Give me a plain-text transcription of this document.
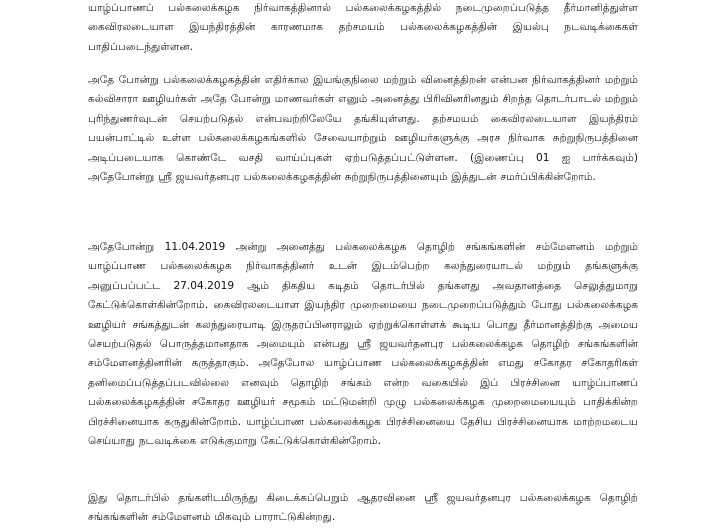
யாழ்ப்பாணப் பல்கலைக்கழக நிர்வாகத்தினால் பல்கலைக்கழகத்தில் நடைமுறைப்படுத்த தீர்மானித்துள்ள கைவிரலடையாள இயந்திரத்தின் காரணமாக தற்சமயம் பல்கலைக்கழகத்தின் இயல்பு நடவடிக்கைகள் பாதிப்படைந்துள்ளன.

அதே போன்று பல்கலைக்கழகத்தின் எதிர்கால இயங்குநிலை மற்றும் வினைத்திறன் என்பன நிர்வாகத்தினர் மற்றும் கல்விசாரா ஊழியர்கள் அதே போன்று மாணவர்கள் எனும் அனைத்து பிரிவினரினதும் சிறந்த தொடர்பாடல் மற்றும் புரிந்துணர்வுடன் செயற்படுதல் என்பவற்றிலேயே தங்கியுள்ளது. தற்சமயம் கைவிரலடையாள இயந்திரம் பயன்பாட்டில் உள்ள பல்கலைக்கழகங்களில் சேவையாற்றும் ஊழியர்களுக்கு அரச நிர்வாக சுற்றுநிருபத்தினை அடிப்படையாக கொண்டே வசதி வாய்ப்புகள் ஏற்படுத்தப்பட்டுள்ளன. (இணைப்பு 01 ஐ பார்க்கவும்) அதேபோன்று ஸ்ரீ ஜயவர்தனபுர பல்கலைக்கழகத்தின் சுற்றுநிருபத்தினையும் இத்துடன் சமர்ப்பிக்கின்றோம்.

அதேபோன்று 11.04.2019 அன்று அனைத்து பல்கலைக்கழக தொழிற் சங்கங்களின் சம்மேளனம் மற்றும் யாழ்ப்பாண பல்கலைக்கழக நிர்வாகத்தினர் உடன் இடம்பெற்ற கலந்துரையாடல் மற்றும் தங்களுக்கு அனுப்பப்பட்ட 27.04.2019 ஆம் திகதிய கடிதம் தொடர்பில் தங்களது அவதானத்தை செலுத்துமாறு கேட்டுக்கொள்கின்றோம். கைவிரலடையாள இயந்திர முறைமையை நடைமுறைப்படுத்தும் போது பல்கலைக்கழக ஊழியர் சங்கத்துடன் கலந்துரையாடி இருதரப்பினராலும் ஏற்றுக்கொள்ளக் கூடிய பொது தீர்மானத்திற்கு அமைய செயற்படுதல் பொருத்தமானதாக அமையும் என்பது ஸ்ரீ ஜயவர்தனபுர பல்கலைக்கழக தொழிற் சங்கங்களின் சம்மேளனத்தினரின் கருத்தாகும். அதேபோல யாழ்ப்பாண பல்கலைக்கழகத்தின் எமது சகோதர சகோதரிகள் தனிமைப்படுத்தப்படவில்லை எனவும் தொழிற் சங்கம் என்ற வகையில் இப் பிரச்சினை யாழ்ப்பாணப் பல்கலைக்கழகத்தின் சகோதர ஊழியர் சமூகம் மட்டுமன்றி முழு பல்கலைக்கழக முறைமையையும் பாதிக்கின்ற பிரச்சினையாக கருதுகின்றோம். யாழ்ப்பாண பல்கலைக்கழக பிரச்சினையை தேசிய பிரச்சினையாக மாற்றமடைய செய்யாது நடவடிக்கை எடுக்குமாறு கேட்டுக்கொள்கின்றோம்.

இது தொடர்பில் தங்களிடமிருந்து கிடைக்கப்பெறும் ஆதரவினை ஸ்ரீ ஜயவர்தனபுர பல்கலைக்கழக தொழிற் சங்கங்களின் சம்மேளனம் மிகவும் பாராட்டுகின்றது.
